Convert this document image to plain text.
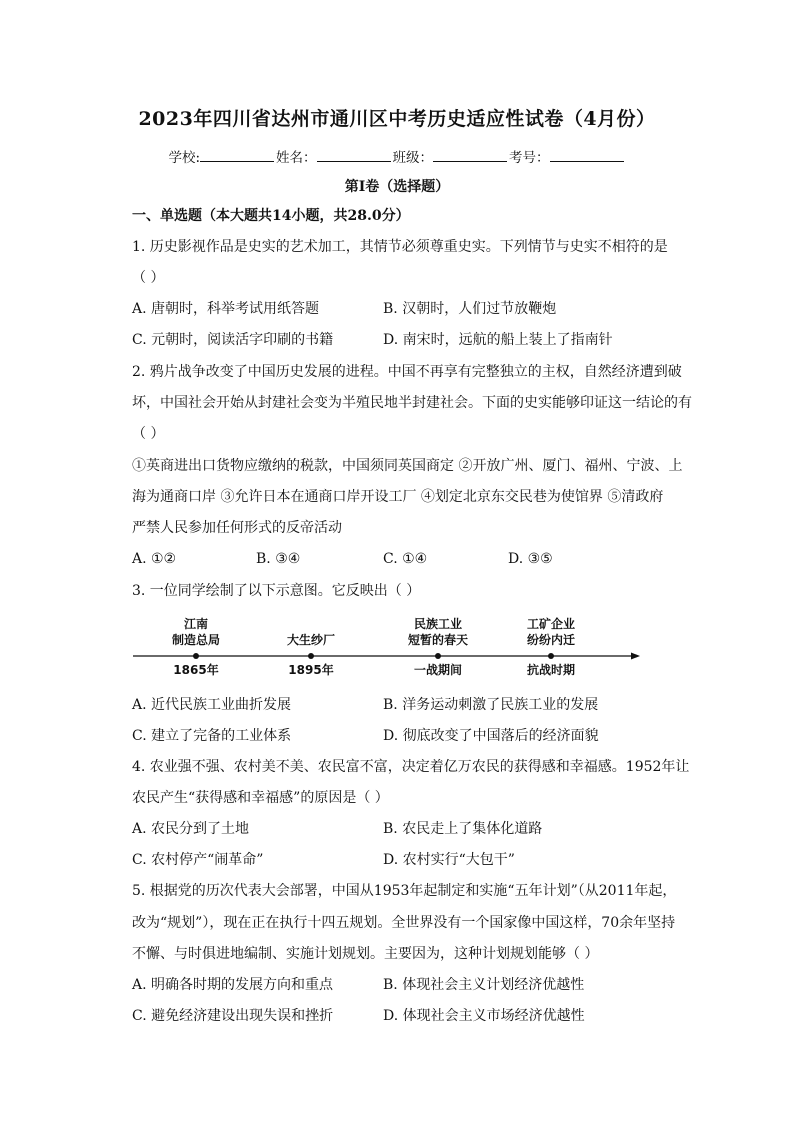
2023年四川省达州市通川区中考历史适应性试卷（4月份）
学校:	姓名：	班级：	考号：
第I卷（选择题）
一、单选题（本大题共14小题，共28.0分）
1. 历史影视作品是史实的艺术加工，其情节必须尊重史实。下列情节与史实不相符的是
（ ）
A. 唐朝时，科举考试用纸答题	B. 汉朝时，人们过节放鞭炮
C. 元朝时，阅读活字印刷的书籍	D. 南宋时，远航的船上装上了指南针
2. 鸦片战争改变了中国历史发展的进程。中国不再享有完整独立的主权，自然经济遭到破
坏，中国社会开始从封建社会变为半殖民地半封建社会。下面的史实能够印证这一结论的有
（ ）
①英商进出口货物应缴纳的税款，中国须同英国商定 ②开放广州、厦门、福州、宁波、上
海为通商口岸 ③允许日本在通商口岸开设工厂 ④划定北京东交民巷为使馆界 ⑤清政府
严禁人民参加任何形式的反帝活动
A. ①②	B. ③④	C. ①④	D. ③⑤
3. 一位同学绘制了以下示意图。它反映出（ ）
江南
制造总局
1865年
大生纱厂
1895年
民族工业
短暂的春天
一战期间
工矿企业
纷纷内迁
抗战时期
A. 近代民族工业曲折发展	B. 洋务运动刺激了民族工业的发展
C. 建立了完备的工业体系	D. 彻底改变了中国落后的经济面貌
4. 农业强不强、农村美不美、农民富不富，决定着亿万农民的获得感和幸福感。1952年让
农民产生“获得感和幸福感”的原因是（ ）
A. 农民分到了土地	B. 农民走上了集体化道路
C. 农村停产“闹革命”	D. 农村实行“大包干”
5. 根据党的历次代表大会部署，中国从1953年起制定和实施“五年计划”（从2011年起，
改为“规划”），现在正在执行十四五规划。全世界没有一个国家像中国这样，70余年坚持
不懈、与时俱进地编制、实施计划规划。主要因为，这种计划规划能够（ ）
A. 明确各时期的发展方向和重点	B. 体现社会主义计划经济优越性
C. 避免经济建设出现失误和挫折	D. 体现社会主义市场经济优越性
